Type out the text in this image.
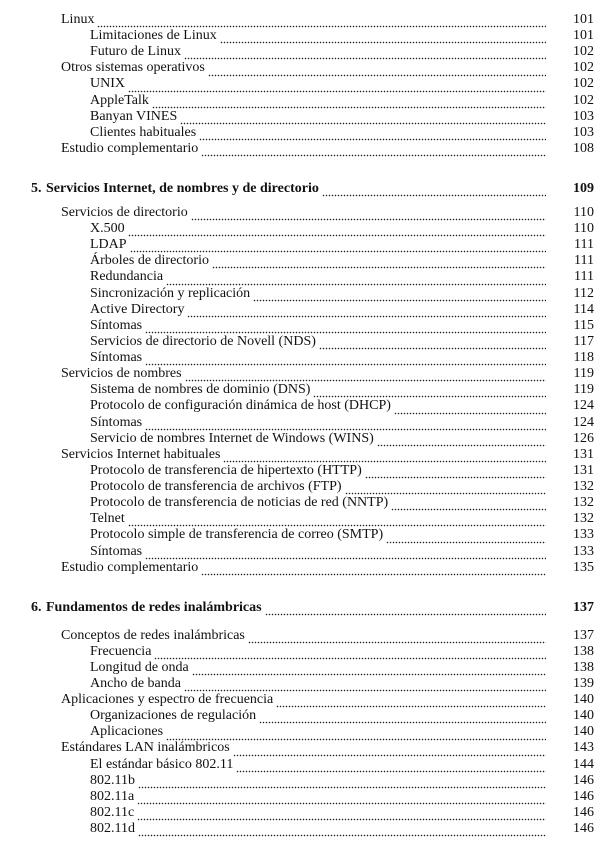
Linux	101
Limitaciones de Linux	101
Futuro de Linux	102
Otros sistemas operativos	102
UNIX	102
AppleTalk	102
Banyan VINES	103
Clientes habituales	103
Estudio complementario	108
5. Servicios Internet, de nombres y de directorio	109
Servicios de directorio	110
X.500	110
LDAP	111
Árboles de directorio	111
Redundancia	111
Sincronización y replicación	112
Active Directory	114
Síntomas	115
Servicios de directorio de Novell (NDS)	117
Síntomas	118
Servicios de nombres	119
Sistema de nombres de dominio (DNS)	119
Protocolo de configuración dinámica de host (DHCP)	124
Síntomas	124
Servicio de nombres Internet de Windows (WINS)	126
Servicios Internet habituales	131
Protocolo de transferencia de hipertexto (HTTP)	131
Protocolo de transferencia de archivos (FTP)	132
Protocolo de transferencia de noticias de red (NNTP)	132
Telnet	132
Protocolo simple de transferencia de correo (SMTP)	133
Síntomas	133
Estudio complementario	135
6. Fundamentos de redes inalámbricas	137
Conceptos de redes inalámbricas	137
Frecuencia	138
Longitud de onda	138
Ancho de banda	139
Aplicaciones y espectro de frecuencia	140
Organizaciones de regulación	140
Aplicaciones	140
Estándares LAN inalámbricos	143
El estándar básico 802.11	144
802.11b	146
802.11a	146
802.11c	146
802.11d	146
